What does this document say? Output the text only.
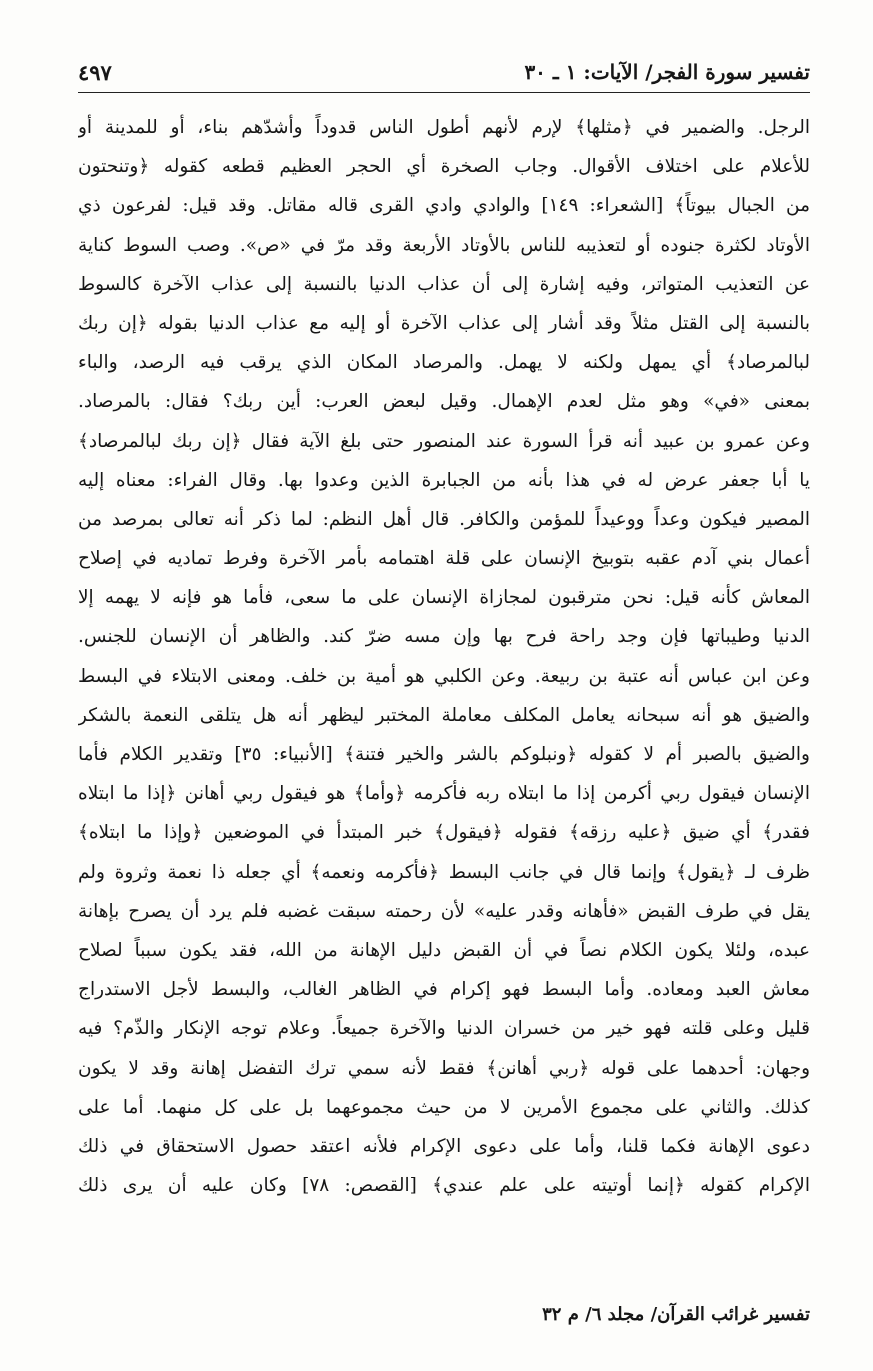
تفسير سورة الفجر/ الآيات: ١ ـ ٣٠
٤٩٧
الرجل. والضمير في ﴿مثلها﴾ لإرم لأنهم أطول الناس قدوداً وأشدّهم بناء، أو للمدينة أو
للأعلام على اختلاف الأقوال. وجاب الصخرة أي الحجر العظيم قطعه كقوله ﴿وتنحتون
من الجبال بيوتاً﴾ [الشعراء: ١٤٩] والوادي وادي القرى قاله مقاتل. وقد قيل: لفرعون ذي
الأوتاد لكثرة جنوده أو لتعذيبه للناس بالأوتاد الأربعة وقد مرّ في «ص». وصب السوط كناية
عن التعذيب المتواتر، وفيه إشارة إلى أن عذاب الدنيا بالنسبة إلى عذاب الآخرة كالسوط
بالنسبة إلى القتل مثلاً وقد أشار إلى عذاب الآخرة أو إليه مع عذاب الدنيا بقوله ﴿إن ربك
لبالمرصاد﴾ أي يمهل ولكنه لا يهمل. والمرصاد المكان الذي يرقب فيه الرصد، والباء
بمعنى «في» وهو مثل لعدم الإهمال. وقيل لبعض العرب: أين ربك؟ فقال: بالمرصاد.
وعن عمرو بن عبيد أنه قرأ السورة عند المنصور حتى بلغ الآية فقال ﴿إن ربك لبالمرصاد﴾
يا أبا جعفر عرض له في هذا بأنه من الجبابرة الذين وعدوا بها. وقال الفراء: معناه إليه
المصير فيكون وعداً ووعيداً للمؤمن والكافر. قال أهل النظم: لما ذكر أنه تعالى بمرصد من
أعمال بني آدم عقبه بتوبيخ الإنسان على قلة اهتمامه بأمر الآخرة وفرط تماديه في إصلاح
المعاش كأنه قيل: نحن مترقبون لمجازاة الإنسان على ما سعى، فأما هو فإنه لا يهمه إلا
الدنيا وطيباتها فإن وجد راحة فرح بها وإن مسه ضرّ كند. والظاهر أن الإنسان للجنس.
وعن ابن عباس أنه عتبة بن ربيعة. وعن الكلبي هو أمية بن خلف. ومعنى الابتلاء في البسط
والضيق هو أنه سبحانه يعامل المكلف معاملة المختبر ليظهر أنه هل يتلقى النعمة بالشكر
والضيق بالصبر أم لا كقوله ﴿ونبلوكم بالشر والخير فتنة﴾ [الأنبياء: ٣٥] وتقدير الكلام فأما
الإنسان فيقول ربي أكرمن إذا ما ابتلاه ربه فأكرمه ﴿وأما﴾ هو فيقول ربي أهانن ﴿إذا ما ابتلاه
فقدر﴾ أي ضيق ﴿عليه رزقه﴾ فقوله ﴿فيقول﴾ خبر المبتدأ في الموضعين ﴿وإذا ما ابتلاه﴾
ظرف لـ ﴿يقول﴾ وإنما قال في جانب البسط ﴿فأكرمه ونعمه﴾ أي جعله ذا نعمة وثروة ولم
يقل في طرف القبض «فأهانه وقدر عليه» لأن رحمته سبقت غضبه فلم يرد أن يصرح بإهانة
عبده، ولئلا يكون الكلام نصاً في أن القبض دليل الإهانة من الله، فقد يكون سبباً لصلاح
معاش العبد ومعاده. وأما البسط فهو إكرام في الظاهر الغالب، والبسط لأجل الاستدراج
قليل وعلى قلته فهو خير من خسران الدنيا والآخرة جميعاً. وعلام توجه الإنكار والذّم؟ فيه
وجهان: أحدهما على قوله ﴿ربي أهانن﴾ فقط لأنه سمي ترك التفضل إهانة وقد لا يكون
كذلك. والثاني على مجموع الأمرين لا من حيث مجموعهما بل على كل منهما. أما على
دعوى الإهانة فكما قلنا، وأما على دعوى الإكرام فلأنه اعتقد حصول الاستحقاق في ذلك
الإكرام كقوله ﴿إنما أوتيته على علم عندي﴾ [القصص: ٧٨] وكان عليه أن يرى ذلك
تفسير غرائب القرآن/ مجلد ٦/ م ٣٢
